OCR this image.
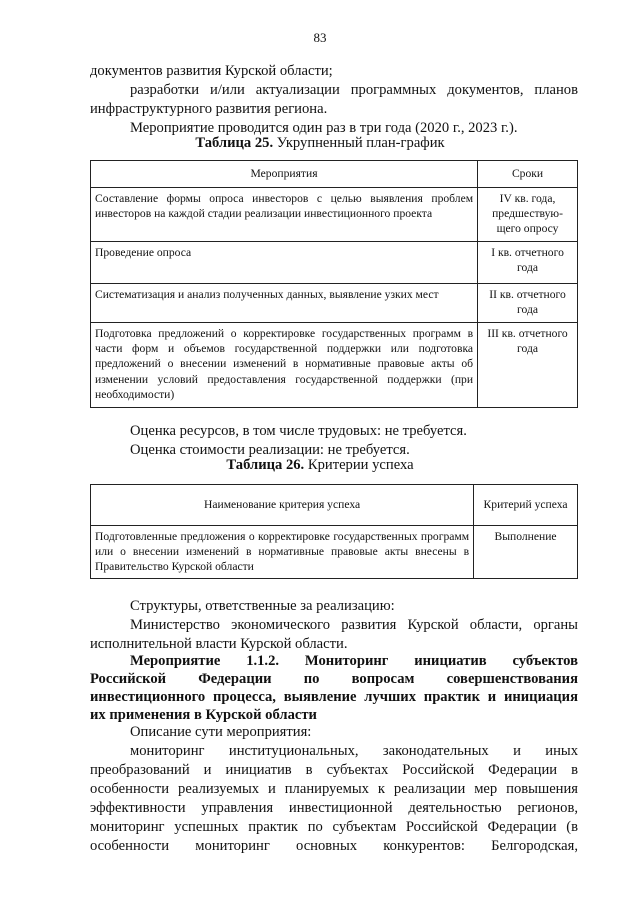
83

документов развития Курской области;

разработки и/или актуализации программных документов, планов

инфраструктурного развития региона.

Мероприятие проводится один раз в три года (2020 г., 2023 г.).

Таблица 25. Укрупненный план-график
Мероприятия	Сроки
Составление формы опроса инвесторов с целью выявления проблем инвесторов на каждой стадии реализации инвестиционного проекта	IV кв. года, предшествую-щего опросу
Проведение опроса	I кв. отчетного года
Систематизация и анализ полученных данных, выявление узких мест	II кв. отчетного года
Подготовка предложений о корректировке государственных программ в части форм и объемов государственной поддержки или подготовка предложений о внесении изменений в нормативные правовые акты об изменении условий предоставления государственной поддержки (при необходимости)	III кв. отчетного года

Оценка ресурсов, в том числе трудовых: не требуется.

Оценка стоимости реализации: не требуется.

Таблица 26. Критерии успеха
Наименование критерия успеха	Критерий успеха
Подготовленные предложения о корректировке государственных программ или о внесении изменений в нормативные правовые акты внесены в Правительство Курской области	Выполнение

Структуры, ответственные за реализацию:

Министерство экономического развития Курской области, органы

исполнительной власти Курской области.

Мероприятие 1.1.2. Мониторинг инициатив субъектов

Российской Федерации по вопросам совершенствования

инвестиционного процесса, выявление лучших практик и инициация

их применения в Курской области

Описание сути мероприятия:

мониторинг институциональных, законодательных и иных

преобразований и инициатив в субъектах Российской Федерации в

особенности реализуемых и планируемых к реализации мер повышения

эффективности управления инвестиционной деятельностью регионов,

мониторинг успешных практик по субъектам Российской Федерации (в

особенности мониторинг основных конкурентов: Белгородская,
